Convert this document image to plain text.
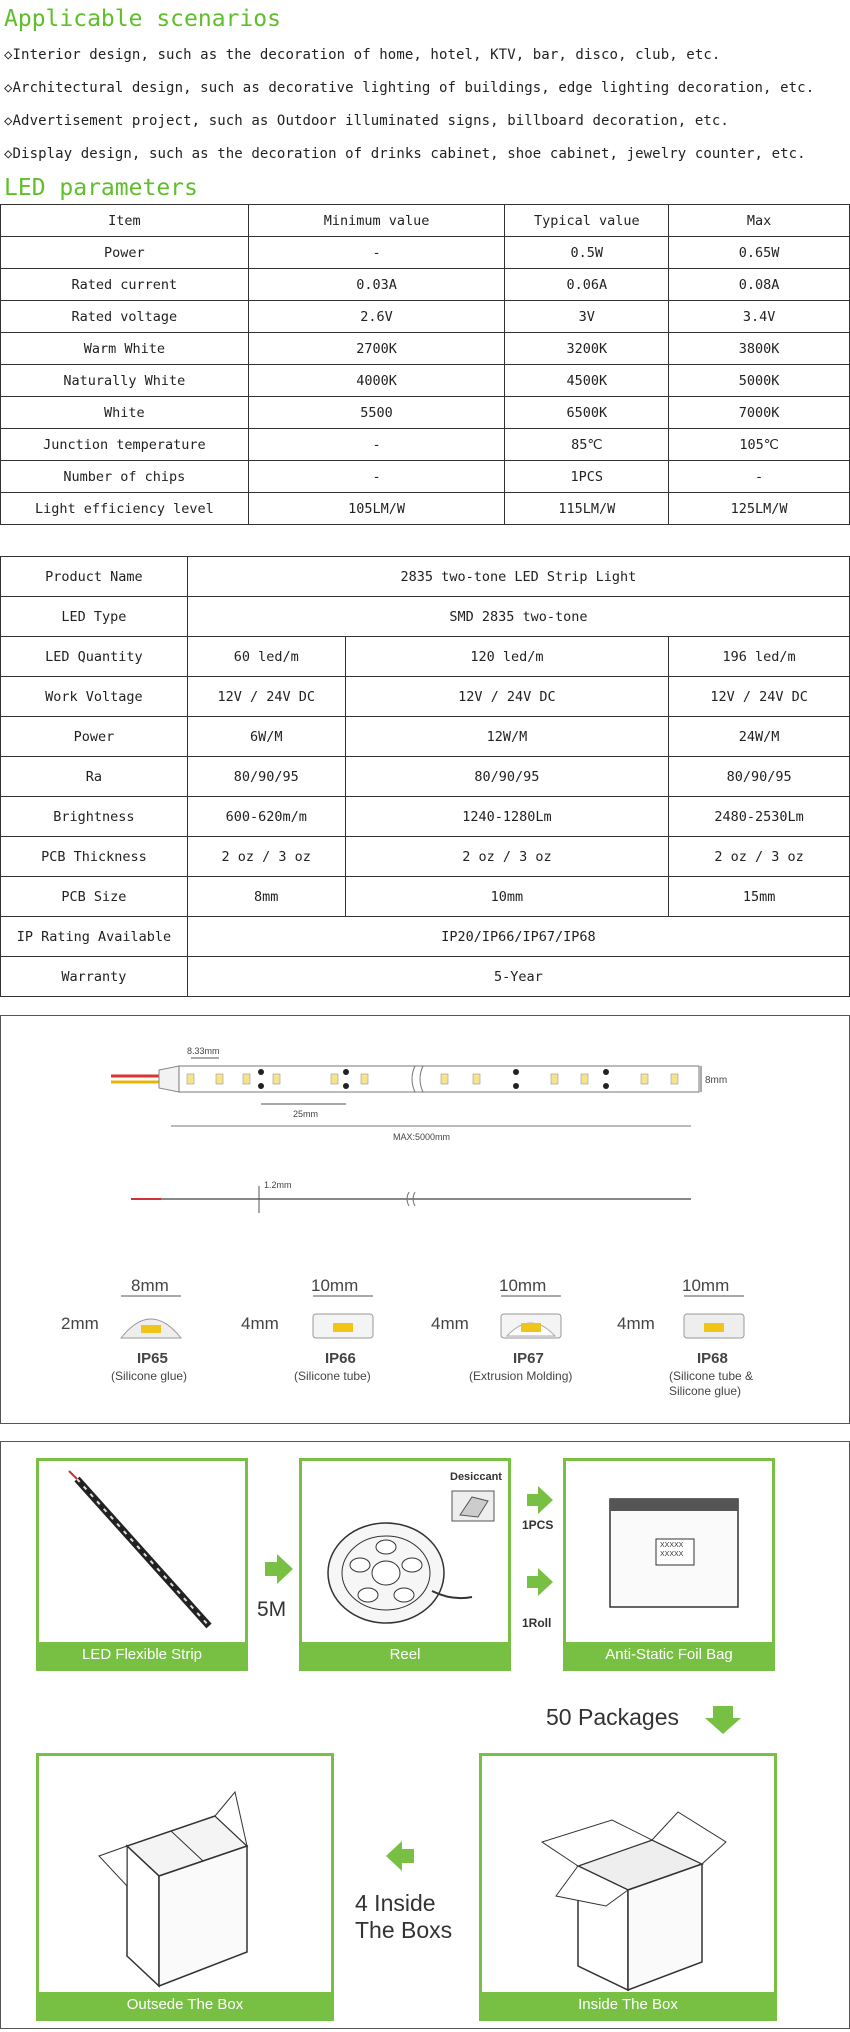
Applicable scenarios
◇Interior design, such as the decoration of home, hotel, KTV, bar, disco, club, etc.
◇Architectural design, such as decorative lighting of buildings, edge lighting decoration, etc.
◇Advertisement project, such as Outdoor illuminated signs, billboard decoration, etc.
◇Display design, such as the decoration of drinks cabinet, shoe cabinet, jewelry counter, etc.
LED parameters
Item	Minimum value	Typical value	Max
Power	-	0.5W	0.65W
Rated current	0.03A	0.06A	0.08A
Rated voltage	2.6V	3V	3.4V
Warm White	2700K	3200K	3800K
Naturally White	4000K	4500K	5000K
White	5500	6500K	7000K
Junction temperature	-	85℃	105℃
Number of chips	-	1PCS	-
Light efficiency level	105LM/W	115LM/W	125LM/W
Product Name	2835 two-tone LED Strip Light		
LED Type	SMD 2835 two-tone		
LED Quantity	60 led/m	120 led/m	196 led/m
Work Voltage	12V / 24V DC	12V / 24V DC	12V / 24V DC
Power	6W/M	12W/M	24W/M
Ra	80/90/95	80/90/95	80/90/95
Brightness	600-620m/m	1240-1280Lm	2480-2530Lm
PCB Thickness	2 oz / 3 oz	2 oz / 3 oz	2 oz / 3 oz
PCB Size	8mm	10mm	15mm
IP Rating Available	IP20/IP66/IP67/IP68		
Warranty	5-Year		
8.33mm
8mm
25mm
MAX:5000mm
1.2mm
8mm
2mm
IP65
(Silicone glue)
10mm
4mm
IP66
(Silicone tube)
10mm
4mm
IP67
(Extrusion Molding)
10mm
4mm
IP68
(Silicone tube &
Silicone glue)
LED Flexible Strip
5M
Desiccant
Reel
1PCS
1Roll
XXXXX
XXXXX
Anti-Static Foil Bag
50 Packages
Outsede The Box
4 Inside
The Boxs
Inside The Box
